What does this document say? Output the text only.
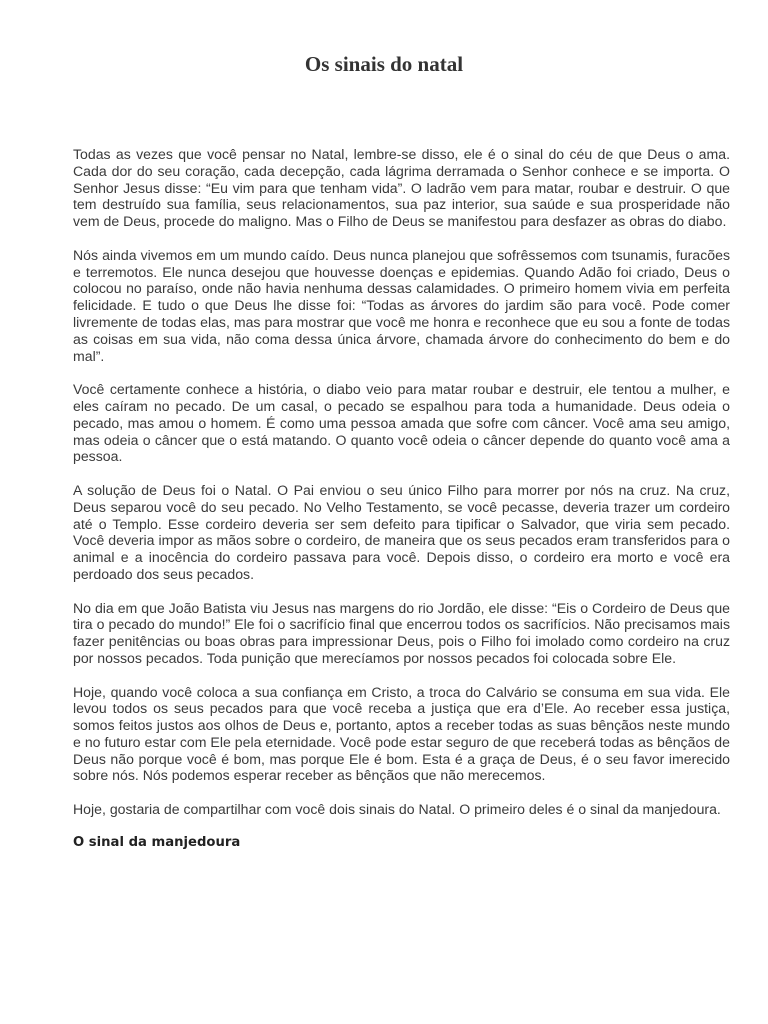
Os sinais do natal

Todas as vezes que você pensar no Natal, lembre-se disso, ele é o sinal do céu de que Deus o ama. Cada dor do seu coração, cada decepção, cada lágrima derramada o Senhor conhece e se importa. O Senhor Jesus disse: “Eu vim para que tenham vida”. O ladrão vem para matar, roubar e destruir. O que tem destruído sua família, seus relacionamentos, sua paz interior, sua saúde e sua prosperidade não vem de Deus, procede do maligno. Mas o Filho de Deus se manifestou para desfazer as obras do diabo.

Nós ainda vivemos em um mundo caído. Deus nunca planejou que sofrêssemos com tsunamis, furacões e terremotos. Ele nunca desejou que houvesse doenças e epidemias. Quando Adão foi criado, Deus o colocou no paraíso, onde não havia nenhuma dessas calamidades. O primeiro homem vivia em perfeita felicidade. E tudo o que Deus lhe disse foi: “Todas as árvores do jardim são para você. Pode comer livremente de todas elas, mas para mostrar que você me honra e reconhece que eu sou a fonte de todas as coisas em sua vida, não coma dessa única árvore, chamada árvore do conhecimento do bem e do mal”.

Você certamente conhece a história, o diabo veio para matar roubar e destruir, ele tentou a mulher, e eles caíram no pecado. De um casal, o pecado se espalhou para toda a humanidade. Deus odeia o pecado, mas amou o homem. É como uma pessoa amada que sofre com câncer. Você ama seu amigo, mas odeia o câncer que o está matando. O quanto você odeia o câncer depende do quanto você ama a pessoa.

A solução de Deus foi o Natal. O Pai enviou o seu único Filho para morrer por nós na cruz. Na cruz, Deus separou você do seu pecado. No Velho Testamento, se você pecasse, deveria trazer um cordeiro até o Templo. Esse cordeiro deveria ser sem defeito para tipificar o Salvador, que viria sem pecado. Você deveria impor as mãos sobre o cordeiro, de maneira que os seus pecados eram transferidos para o animal e a inocência do cordeiro passava para você. Depois disso, o cordeiro era morto e você era perdoado dos seus pecados.

No dia em que João Batista viu Jesus nas margens do rio Jordão, ele disse: “Eis o Cordeiro de Deus que tira o pecado do mundo!” Ele foi o sacrifício final que encerrou todos os sacrifícios. Não precisamos mais fazer penitências ou boas obras para impressionar Deus, pois o Filho foi imolado como cordeiro na cruz por nossos pecados. Toda punição que merecíamos por nossos pecados foi colocada sobre Ele.

Hoje, quando você coloca a sua confiança em Cristo, a troca do Calvário se consuma em sua vida. Ele levou todos os seus pecados para que você receba a justiça que era d’Ele. Ao receber essa justiça, somos feitos justos aos olhos de Deus e, portanto, aptos a receber todas as suas bênçãos neste mundo e no futuro estar com Ele pela eternidade. Você pode estar seguro de que receberá todas as bênçãos de Deus não porque você é bom, mas porque Ele é bom. Esta é a graça de Deus, é o seu favor imerecido sobre nós. Nós podemos esperar receber as bênçãos que não merecemos.

Hoje, gostaria de compartilhar com você dois sinais do Natal. O primeiro deles é o sinal da manjedoura.

O sinal da manjedoura
